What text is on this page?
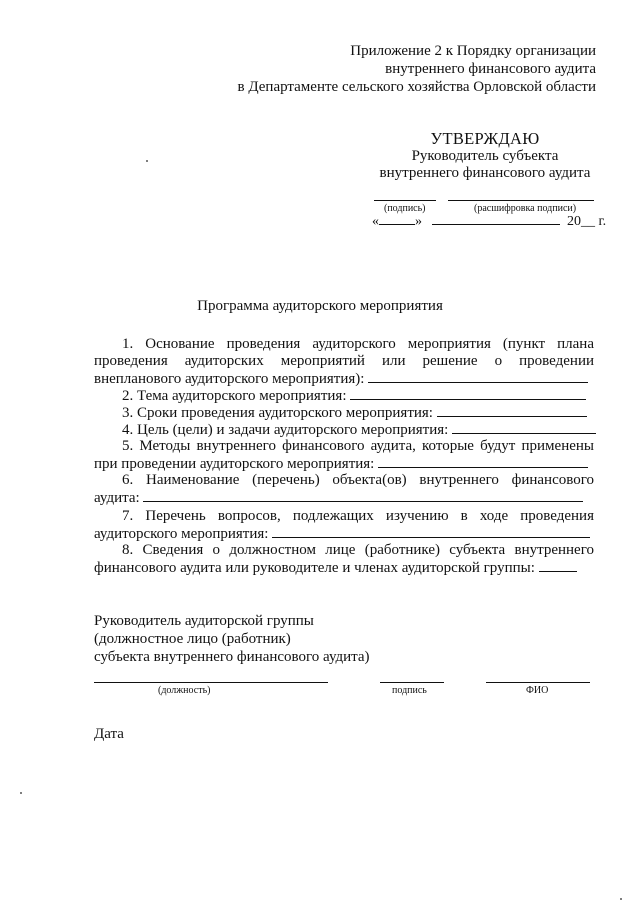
Приложение 2 к Порядку организации
внутреннего финансового аудита
в Департаменте сельского хозяйства Орловской области
УТВЕРЖДАЮ
Руководитель субъекта
внутреннего финансового аудита
(подпись)	(расшифровка подписи)
«	»	20__ г.
Программа аудиторского мероприятия
1. Основание проведения аудиторского мероприятия (пункт плана проведения аудиторских мероприятий или решение о проведении внепланового аудиторского мероприятия):
2. Тема аудиторского мероприятия:
3. Сроки проведения аудиторского мероприятия:
4. Цель (цели) и задачи аудиторского мероприятия:
5. Методы внутреннего финансового аудита, которые будут применены
при проведении аудиторского мероприятия:
6. Наименование (перечень) объекта(ов) внутреннего финансового
аудита:
7. Перечень вопросов, подлежащих изучению в ходе проведения
аудиторского мероприятия:
8. Сведения о должностном лице (работнике) субъекта внутреннего
финансового аудита или руководителе и членах аудиторской группы:
Руководитель аудиторской группы
(должностное лицо (работник)
субъекта внутреннего финансового аудита)
(должность)	подпись	ФИО
Дата
